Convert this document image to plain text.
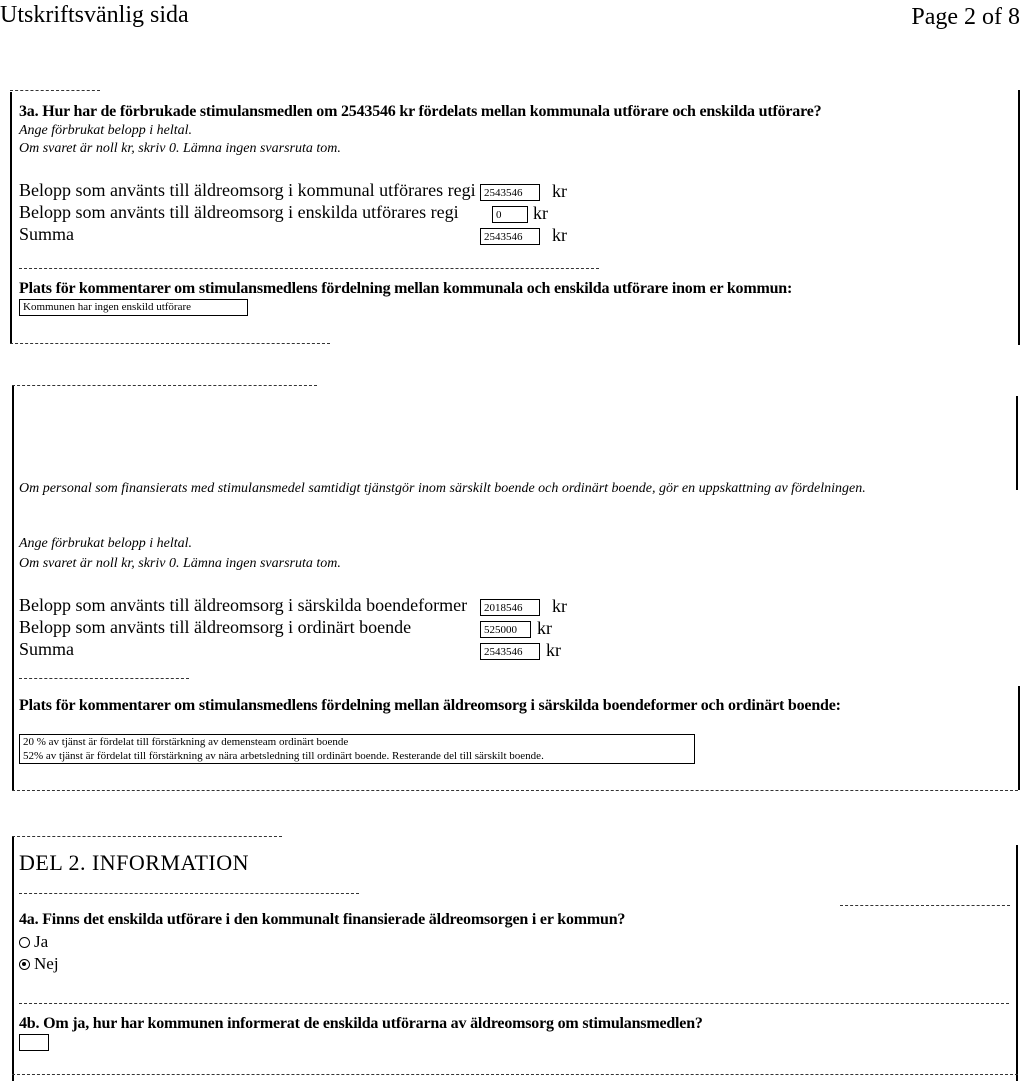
Utskriftsvänlig sida	Page 2 of 8
3a. Hur har de förbrukade stimulansmedlen om 2543546 kr fördelats mellan kommunala utförare och enskilda utförare?
Ange förbrukat belopp i heltal.
Om svaret är noll kr, skriv 0. Lämna ingen svarsruta tom.
Belopp som använts till äldreomsorg i kommunal utförares regi 2543546	kr
Belopp som använts till äldreomsorg i enskilda utförares regi	0	kr
Summa	2543546	kr
Plats för kommentarer om stimulansmedlens fördelning mellan kommunala och enskilda utförare inom er kommun:
Kommunen har ingen enskild utförare
Om personal som finansierats med stimulansmedel samtidigt tjänstgör inom särskilt boende och ordinärt boende, gör en uppskattning av fördelningen.
Ange förbrukat belopp i heltal.
Om svaret är noll kr, skriv 0. Lämna ingen svarsruta tom.
Belopp som använts till äldreomsorg i särskilda boendeformer	2018546	kr
Belopp som använts till äldreomsorg i ordinärt boende	525000	kr
Summa	2543546	kr
Plats för kommentarer om stimulansmedlens fördelning mellan äldreomsorg i särskilda boendeformer och ordinärt boende:
20 % av tjänst är fördelat till förstärkning av demensteam ordinärt boende
52% av tjänst är fördelat till förstärkning av nära arbetsledning till ordinärt boende. Resterande del till särskilt boende.
DEL 2. INFORMATION
4a. Finns det enskilda utförare i den kommunalt finansierade äldreomsorgen i er kommun?
Ja
Nej
4b. Om ja, hur har kommunen informerat de enskilda utförarna av äldreomsorg om stimulansmedlen?
